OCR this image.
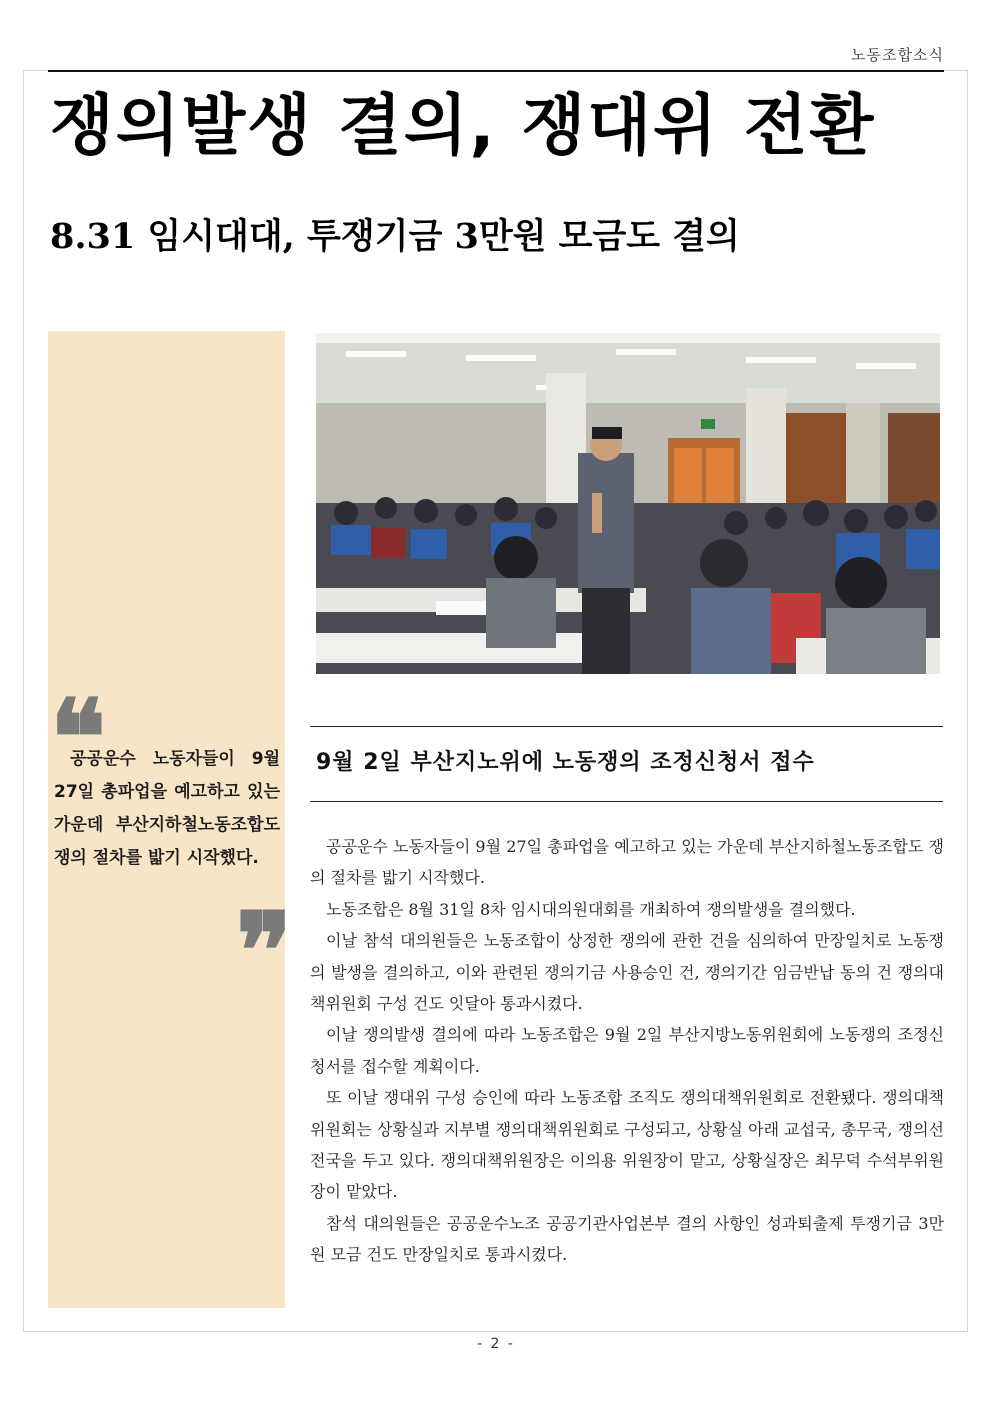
노동조합소식
쟁의발생 결의, 쟁대위 전환
8.31 임시대대, 투쟁기금 3만원 모금도 결의
❝

공공운수 노동자들이 9월 27일 총파업을 예고하고 있는 가운데 부산지하철노동조합도 쟁의 절차를 밟기 시작했다.

❞
9월 2일 부산지노위에 노동쟁의 조정신청서 접수

공공운수 노동자들이 9월 27일 총파업을 예고하고 있는 가운데 부산지하철노동조합도 쟁의 절차를 밟기 시작했다.

노동조합은 8월 31일 8차 임시대의원대회를 개최하여 쟁의발생을 결의했다.

이날 참석 대의원들은 노동조합이 상정한 쟁의에 관한 건을 심의하여 만장일치로 노동쟁의 발생을 결의하고, 이와 관련된 쟁의기금 사용승인 건, 쟁의기간 임금반납 동의 건 쟁의대책위원회 구성 건도 잇달아 통과시켰다.

이날 쟁의발생 결의에 따라 노동조합은 9월 2일 부산지방노동위원회에 노동쟁의 조정신청서를 접수할 계획이다.

또 이날 쟁대위 구성 승인에 따라 노동조합 조직도 쟁의대책위원회로 전환됐다. 쟁의대책위원회는 상황실과 지부별 쟁의대책위원회로 구성되고, 상황실 아래 교섭국, 총무국, 쟁의선전국을 두고 있다. 쟁의대책위원장은 이의용 위원장이 맡고, 상황실장은 최무덕 수석부위원장이 맡았다.

참석 대의원들은 공공운수노조 공공기관사업본부 결의 사항인 성과퇴출제 투쟁기금 3만원 모금 건도 만장일치로 통과시켰다.

- 2 -
